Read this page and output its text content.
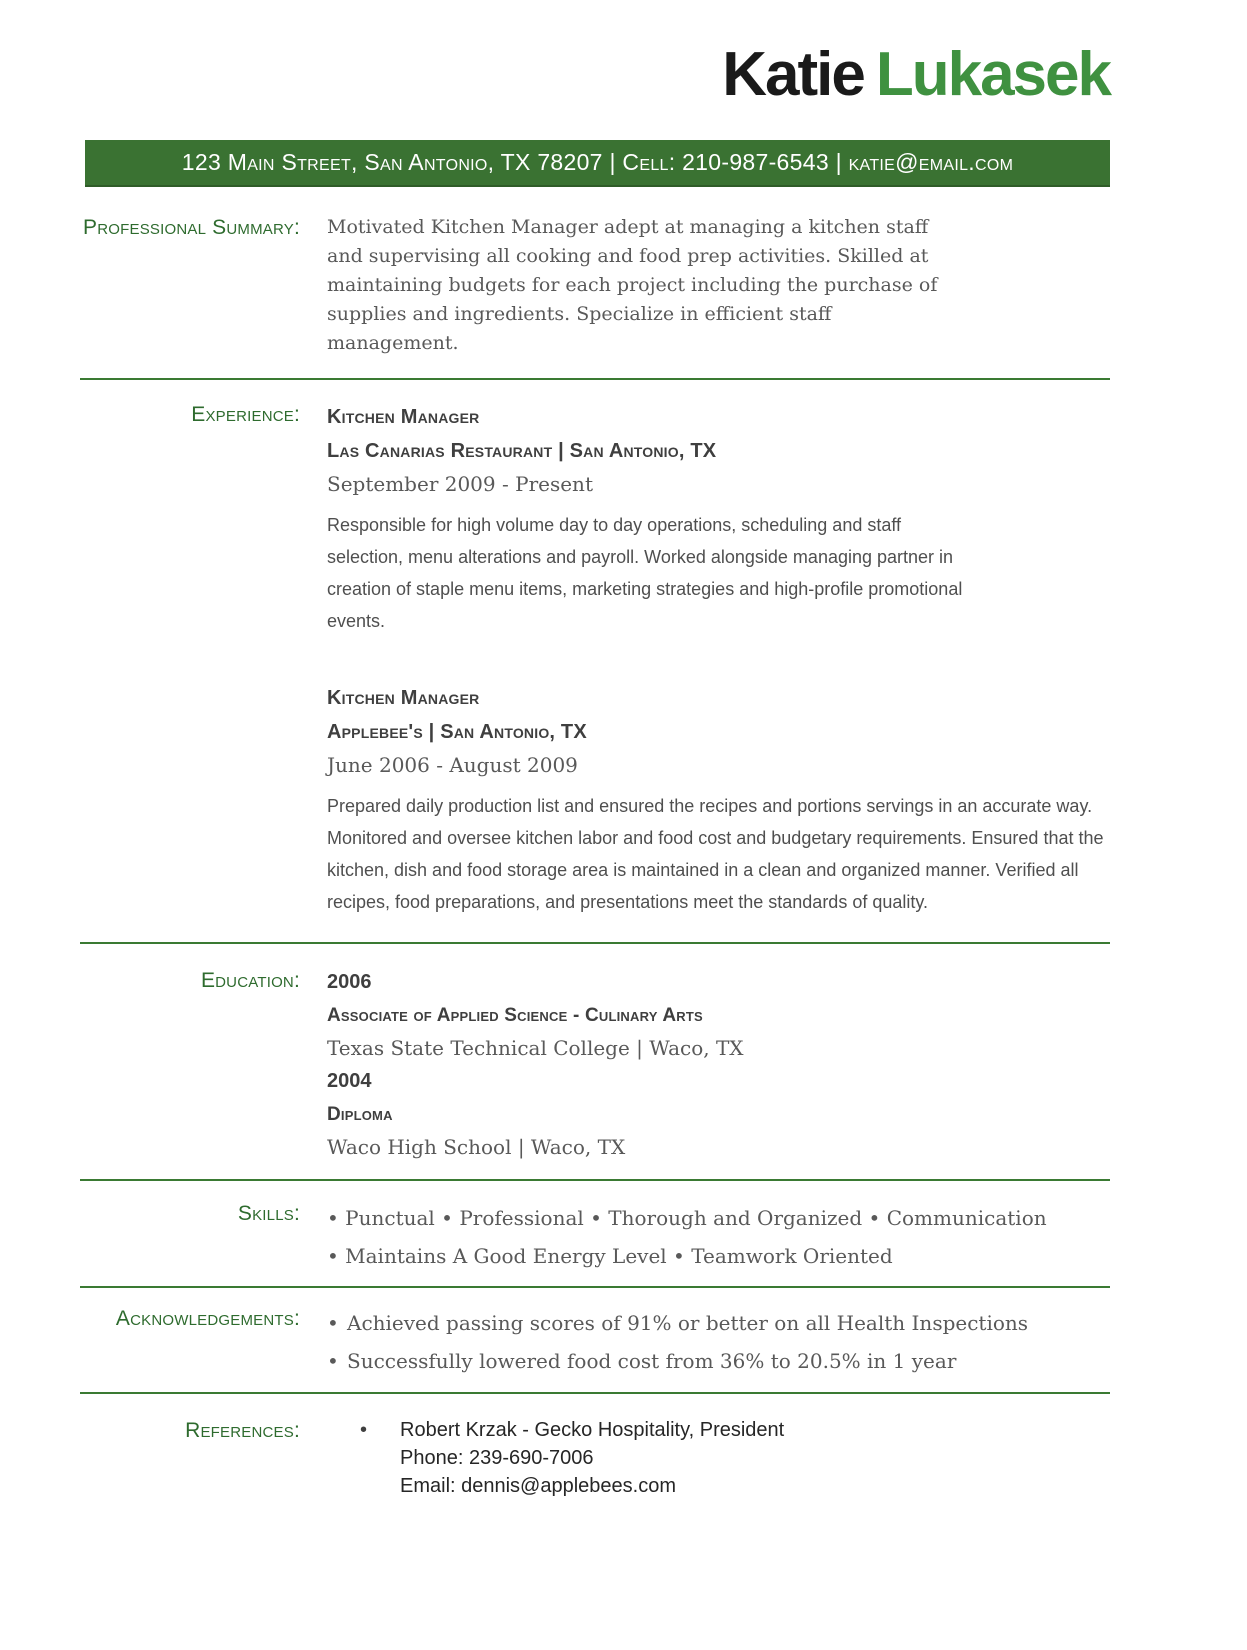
Katie Lukasek
123 Main Street, San Antonio, TX 78207 | Cell: 210-987-6543 | katie@email.com
Professional Summary: Motivated Kitchen Manager adept at managing a kitchen staff and supervising all cooking and food prep activities. Skilled at maintaining budgets for each project including the purchase of supplies and ingredients. Specialize in efficient staff management.
Experience: Kitchen Manager
Las Canarias Restaurant | San Antonio, TX
September 2009 - Present
Responsible for high volume day to day operations, scheduling and staff selection, menu alterations and payroll. Worked alongside managing partner in creation of staple menu items, marketing strategies and high-profile promotional events.
Kitchen Manager
Applebee's | San Antonio, TX
June 2006 - August 2009
Prepared daily production list and ensured the recipes and portions servings in an accurate way. Monitored and oversee kitchen labor and food cost and budgetary requirements. Ensured that the kitchen, dish and food storage area is maintained in a clean and organized manner. Verified all recipes, food preparations, and presentations meet the standards of quality.
Education: 2006
Associate of Applied Science - Culinary Arts
Texas State Technical College | Waco, TX
2004
Diploma
Waco High School | Waco, TX
Skills: • Punctual • Professional • Thorough and Organized • Communication
• Maintains A Good Energy Level • Teamwork Oriented
Acknowledgements:	• Achieved passing scores of 91% or better on all Health Inspections
• Successfully lowered food cost from 36% to 20.5% in 1 year
References:	•	Robert Krzak - Gecko Hospitality, President
Phone: 239-690-7006
Email: dennis@applebees.com
